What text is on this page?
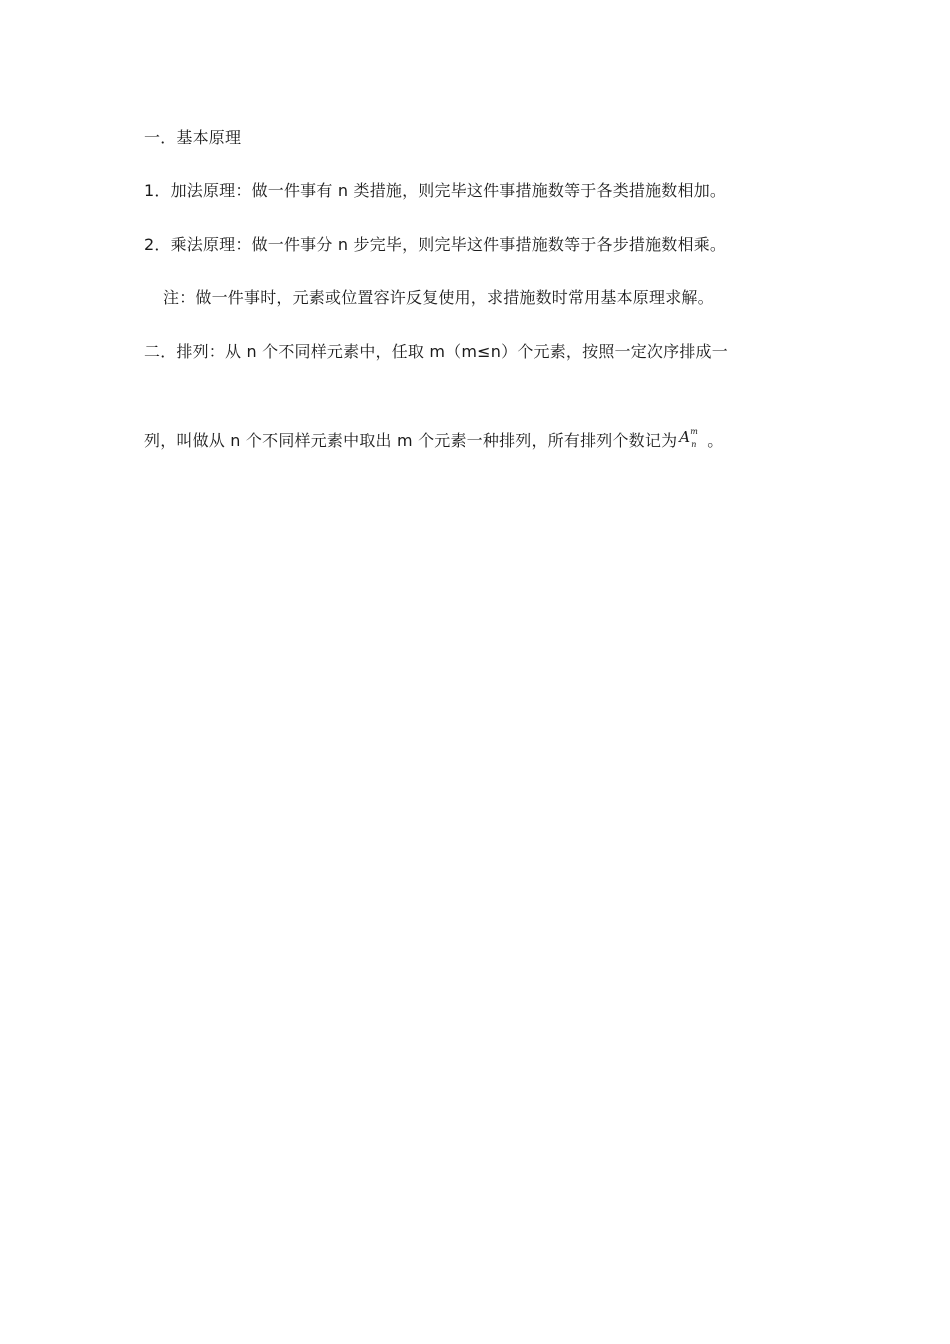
一．基本原理
1．加法原理：做一件事有 n 类措施，则完毕这件事措施数等于各类措施数相加。
2．乘法原理：做一件事分 n 步完毕，则完毕这件事措施数等于各步措施数相乘。
注：做一件事时，元素或位置容许反复使用，求措施数时常用基本原理求解。
二．排列：从 n 个不同样元素中，任取 m（m≤n）个元素，按照一定次序排成一
列，叫做从 n 个不同样元素中取出 m 个元素一种排列，所有排列个数记为 A m
n 。
